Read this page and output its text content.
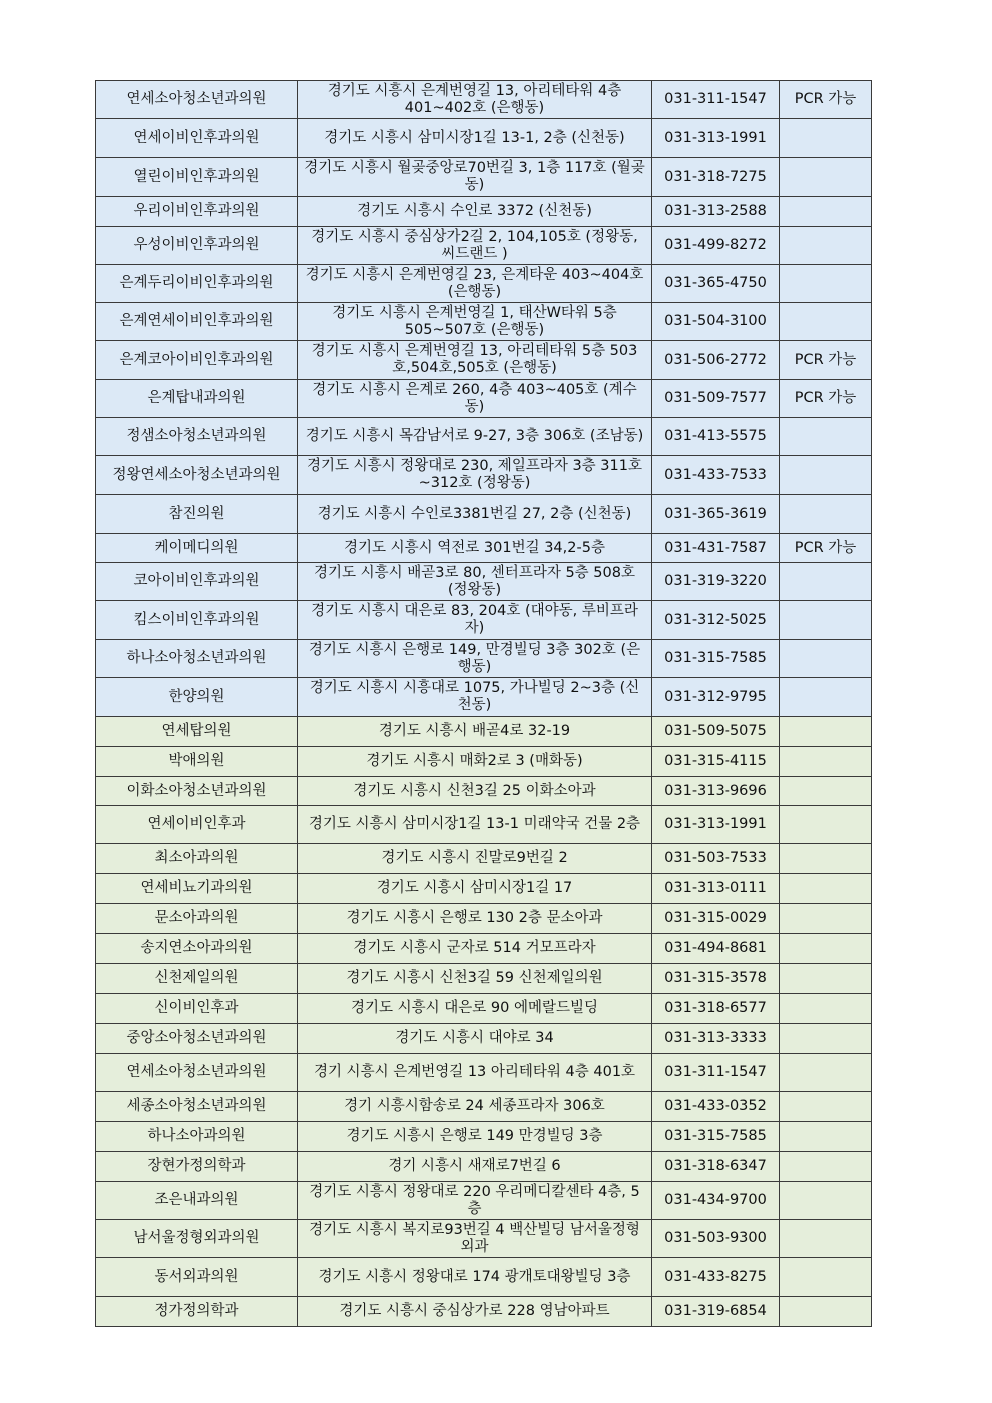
연세소아청소년과의원	경기도 시흥시 은계번영길 13, 아리테타워 4층 401~402호 (은행동)	031-311-1547	PCR 가능
연세이비인후과의원	경기도 시흥시 삼미시장1길 13-1, 2층 (신천동)	031-313-1991	
열린이비인후과의원	경기도 시흥시 월곶중앙로70번길 3, 1층 117호 (월곶동)	031-318-7275	
우리이비인후과의원	경기도 시흥시 수인로 3372 (신천동)	031-313-2588	
우성이비인후과의원	경기도 시흥시 중심상가2길 2, 104,105호 (정왕동, 씨드랜드 )	031-499-8272	
은계두리이비인후과의원	경기도 시흥시 은계번영길 23, 은계타운 403~404호 (은행동)	031-365-4750	
은계연세이비인후과의원	경기도 시흥시 은계번영길 1, 태산W타워 5층 505~507호 (은행동)	031-504-3100	
은계코아이비인후과의원	경기도 시흥시 은계번영길 13, 아리테타워 5층 503호,504호,505호 (은행동)	031-506-2772	PCR 가능
은계탑내과의원	경기도 시흥시 은계로 260, 4층 403~405호 (계수동)	031-509-7577	PCR 가능
정샘소아청소년과의원	경기도 시흥시 목감남서로 9-27, 3층 306호 (조남동)	031-413-5575	
정왕연세소아청소년과의원	경기도 시흥시 정왕대로 230, 제일프라자 3층 311호~312호 (정왕동)	031-433-7533	
참진의원	경기도 시흥시 수인로3381번길 27, 2층 (신천동)	031-365-3619	
케이메디의원	경기도 시흥시 역전로 301번길 34,2-5층	031-431-7587	PCR 가능
코아이비인후과의원	경기도 시흥시 배곧3로 80, 센터프라자 5층 508호 (정왕동)	031-319-3220	
킴스이비인후과의원	경기도 시흥시 대은로 83, 204호 (대야동, 루비프라자)	031-312-5025	
하나소아청소년과의원	경기도 시흥시 은행로 149, 만경빌딩 3층 302호 (은행동)	031-315-7585	
한양의원	경기도 시흥시 시흥대로 1075, 가나빌딩 2~3층 (신천동)	031-312-9795	
연세탑의원	경기도 시흥시 배곧4로 32-19	031-509-5075	
박애의원	경기도 시흥시 매화2로 3 (매화동)	031-315-4115	
이화소아청소년과의원	경기도 시흥시 신천3길 25 이화소아과	031-313-9696	
연세이비인후과	경기도 시흥시 삼미시장1길 13-1 미래약국 건물 2층	031-313-1991	
최소아과의원	경기도 시흥시 진말로9번길 2	031-503-7533	
연세비뇨기과의원	경기도 시흥시 삼미시장1길 17	031-313-0111	
문소아과의원	경기도 시흥시 은행로 130 2층 문소아과	031-315-0029	
송지연소아과의원	경기도 시흥시 군자로 514 거모프라자	031-494-8681	
신천제일의원	경기도 시흥시 신천3길 59 신천제일의원	031-315-3578	
신이비인후과	경기도 시흥시 대은로 90 에메랄드빌딩	031-318-6577	
중앙소아청소년과의원	경기도 시흥시 대야로 34	031-313-3333	
연세소아청소년과의원	경기 시흥시 은계번영길 13 아리테타워 4층 401호	031-311-1547	
세종소아청소년과의원	경기 시흥시함송로 24 세종프라자 306호	031-433-0352	
하나소아과의원	경기도 시흥시 은행로 149 만경빌딩 3층	031-315-7585	
장현가정의학과	경기 시흥시 새재로7번길 6	031-318-6347	
조은내과의원	경기도 시흥시 정왕대로 220 우리메디칼센타 4층, 5층	031-434-9700	
남서울정형외과의원	경기도 시흥시 복지로93번길 4 백산빌딩 남서울정형외과	031-503-9300	
동서외과의원	경기도 시흥시 정왕대로 174 광개토대왕빌딩 3층	031-433-8275	
정가정의학과	경기도 시흥시 중심상가로 228 영남아파트	031-319-6854	
